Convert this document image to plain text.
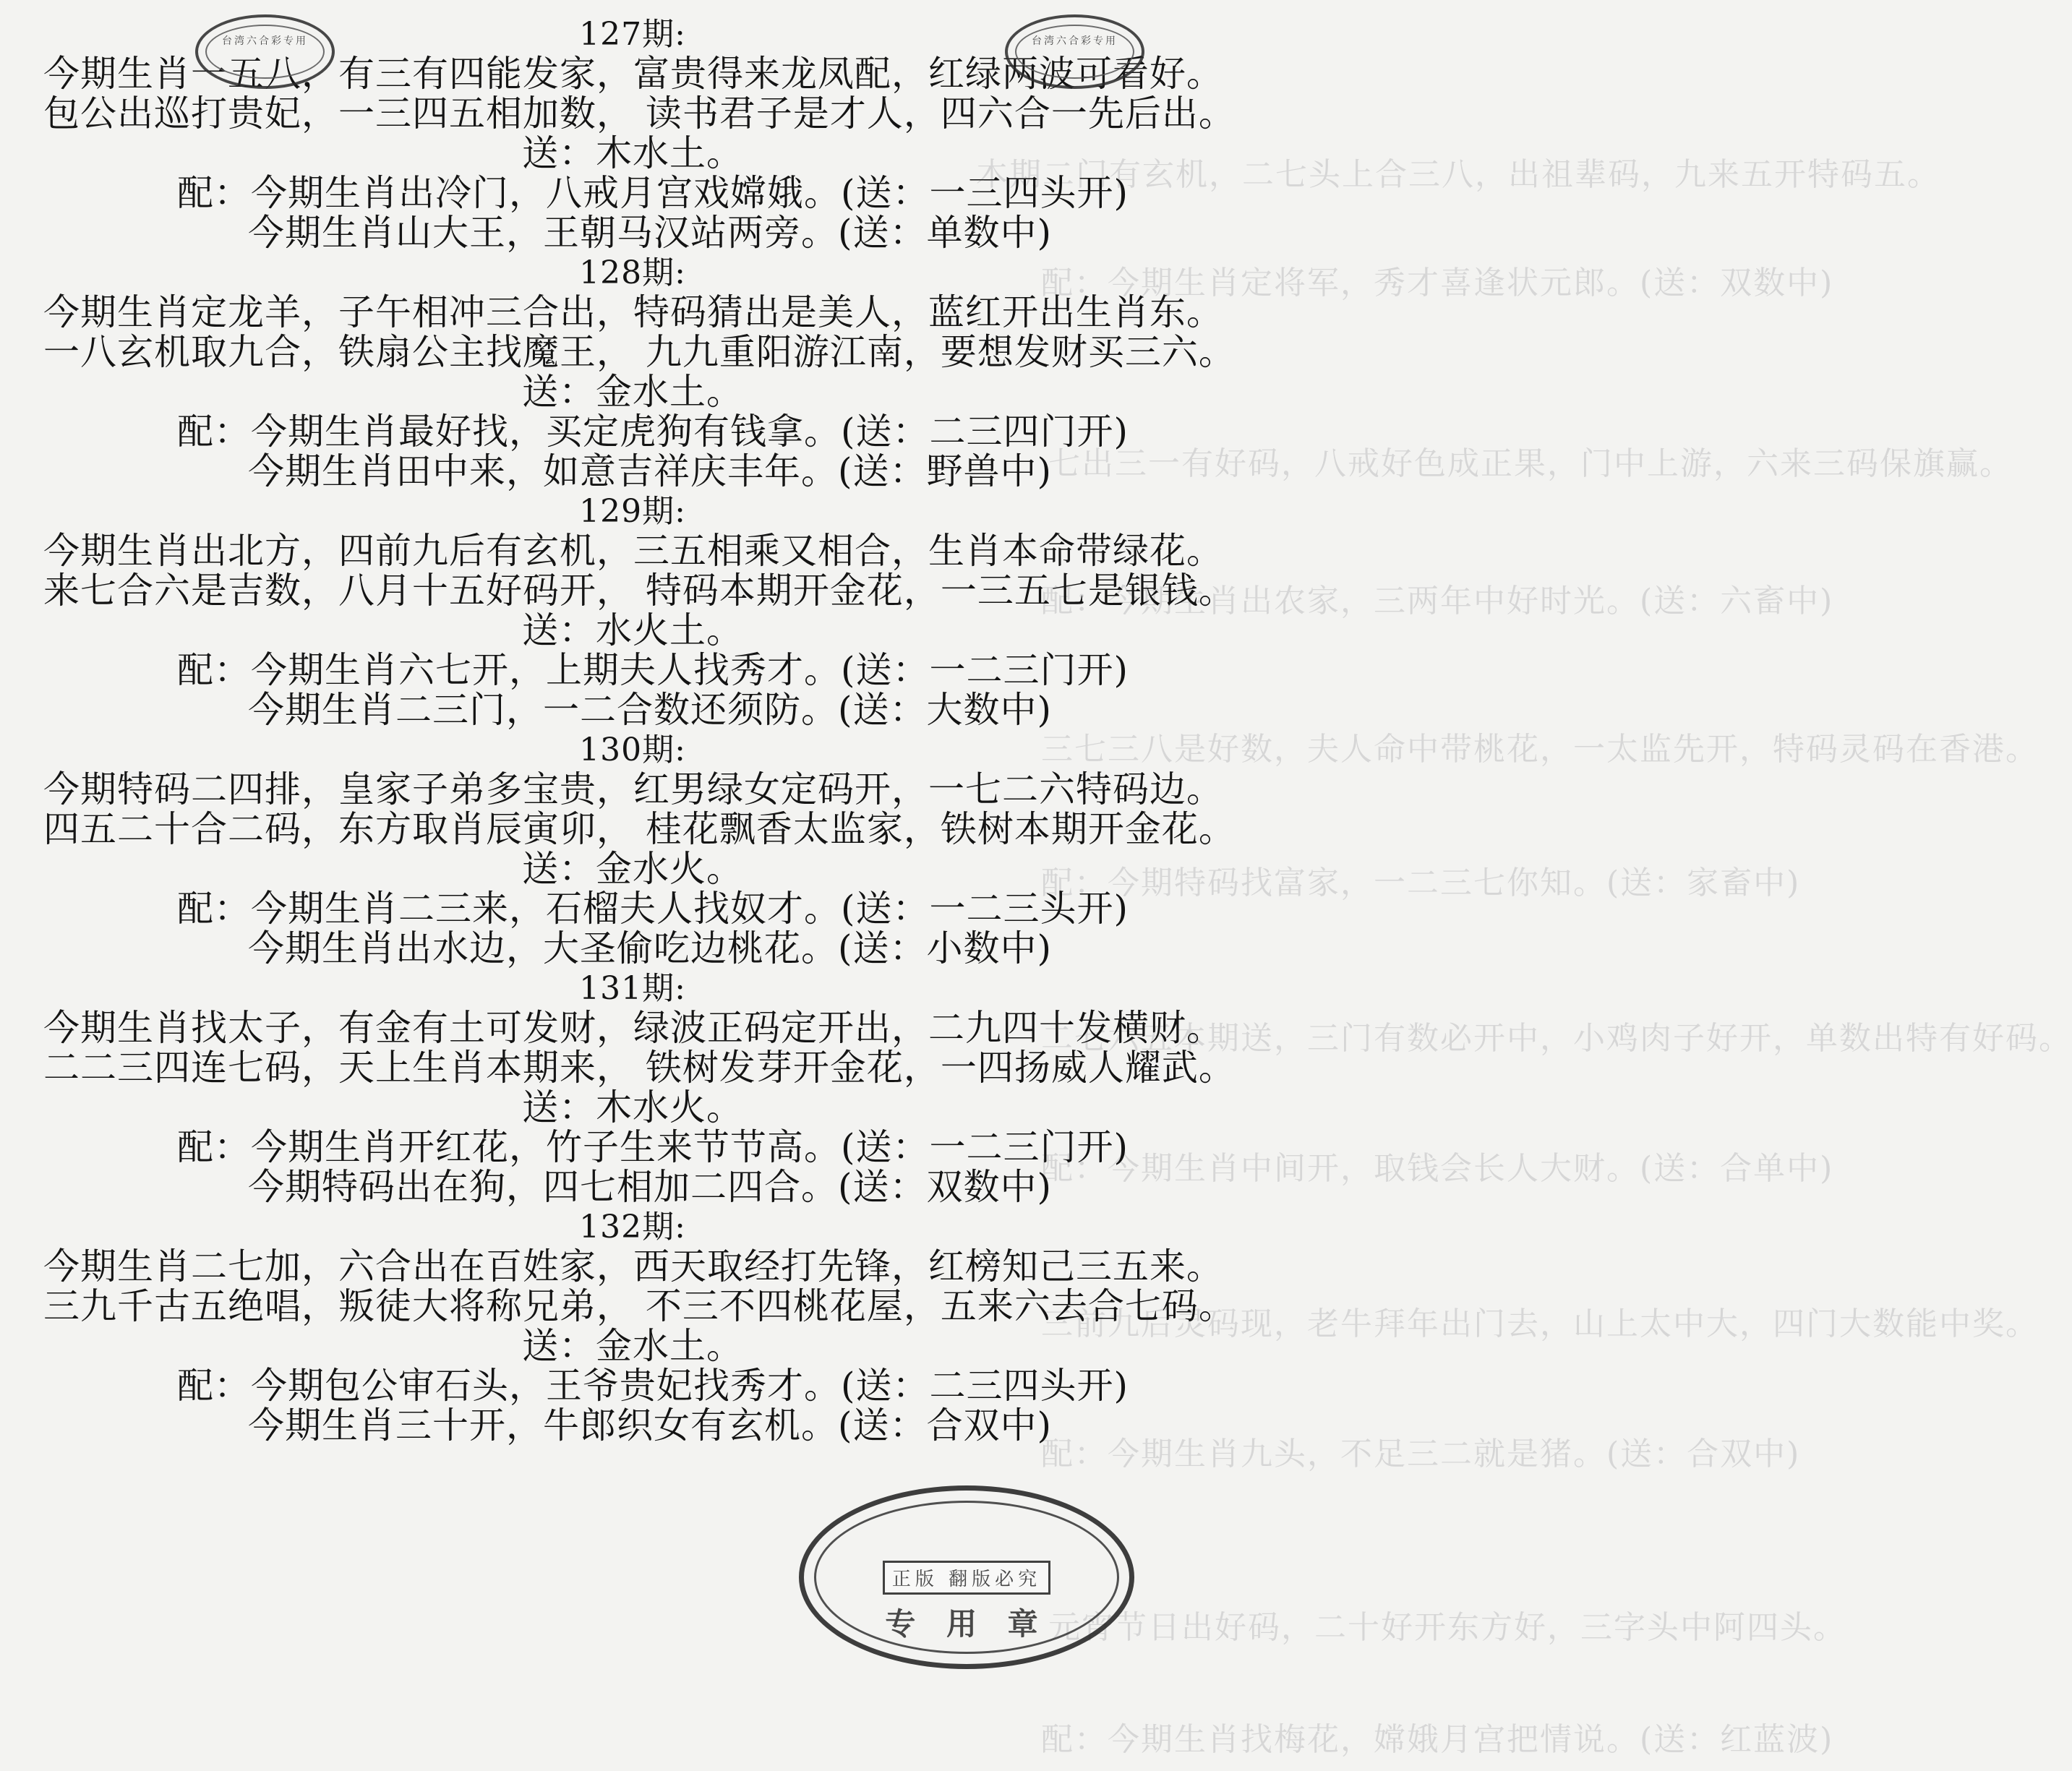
本期二门有玄机，二七头上合三八，出祖辈码，九来五开特码五。
配：今期生肖定将军，秀才喜逢状元郎。(送：双数中)
七出三一有好码，八戒好色成正果，门中上游，六来三码保旗赢。
配：今期生肖出农家，三两年中好时光。(送：六畜中)
三七三八是好数，夫人命中带桃花，一太监先开，特码灵码在香港。
配：今期特码找富家，一二三七你知。(送：家畜中)
二七六五本期送，三门有数必开中，小鸡肉子好开，单数出特有好码。
配：今期生肖中间开，取钱会长人大财。(送：合单中)
三前九后灵码现，老牛拜年出门去，山上太中大，四门大数能中奖。
配：今期生肖九头，不足三二就是猪。(送：合双中)
元宵节日出好码，二十好开东方好，三字头中阿四头。
配：今期生肖找梅花，嫦娥月宫把情说。(送：红蓝波)
127期:
今期生肖一五八，有三有四能发家，富贵得来龙凤配，红绿两波可看好。
包公出巡打贵妃，一三四五相加数， 读书君子是才人，四六合一先后出。
送：木水土。
配：今期生肖出冷门，八戒月宫戏嫦娥。(送：一三四头开)
今期生肖山大王，王朝马汉站两旁。(送：单数中)
128期:
今期生肖定龙羊，子午相冲三合出，特码猜出是美人，蓝红开出生肖东。
一八玄机取九合，铁扇公主找魔王， 九九重阳游江南，要想发财买三六。
送：金水土。
配：今期生肖最好找，买定虎狗有钱拿。(送：二三四门开)
今期生肖田中来，如意吉祥庆丰年。(送：野兽中)
129期:
今期生肖出北方，四前九后有玄机，三五相乘又相合，生肖本命带绿花。
来七合六是吉数，八月十五好码开， 特码本期开金花，一三五七是银钱。
送：水火土。
配：今期生肖六七开，上期夫人找秀才。(送：一二三门开)
今期生肖二三门，一二合数还须防。(送：大数中)
130期:
今期特码二四排，皇家子弟多宝贵，红男绿女定码开，一七二六特码边。
四五二十合二码，东方取肖辰寅卯， 桂花飘香太监家，铁树本期开金花。
送：金水火。
配：今期生肖二三来，石榴夫人找奴才。(送：一二三头开)
今期生肖出水边，大圣偷吃边桃花。(送：小数中)
131期:
今期生肖找太子，有金有土可发财，绿波正码定开出，二九四十发横财。
二二三四连七码，天上生肖本期来， 铁树发芽开金花，一四扬威人耀武。
送：木水火。
配：今期生肖开红花，竹子生来节节高。(送：一二三门开)
今期特码出在狗，四七相加二四合。(送：双数中)
132期:
今期生肖二七加，六合出在百姓家，西天取经打先锋，红榜知己三五来。
三九千古五绝唱，叛徒大将称兄弟， 不三不四桃花屋，五来六去合七码。
送：金水土。
配：今期包公审石头，王爷贵妃找秀才。(送：二三四头开)
今期生肖三十开，牛郎织女有玄机。(送：合双中)
台湾六合彩专用	台湾六合彩专用
正版 翻版必究
专 用 章
